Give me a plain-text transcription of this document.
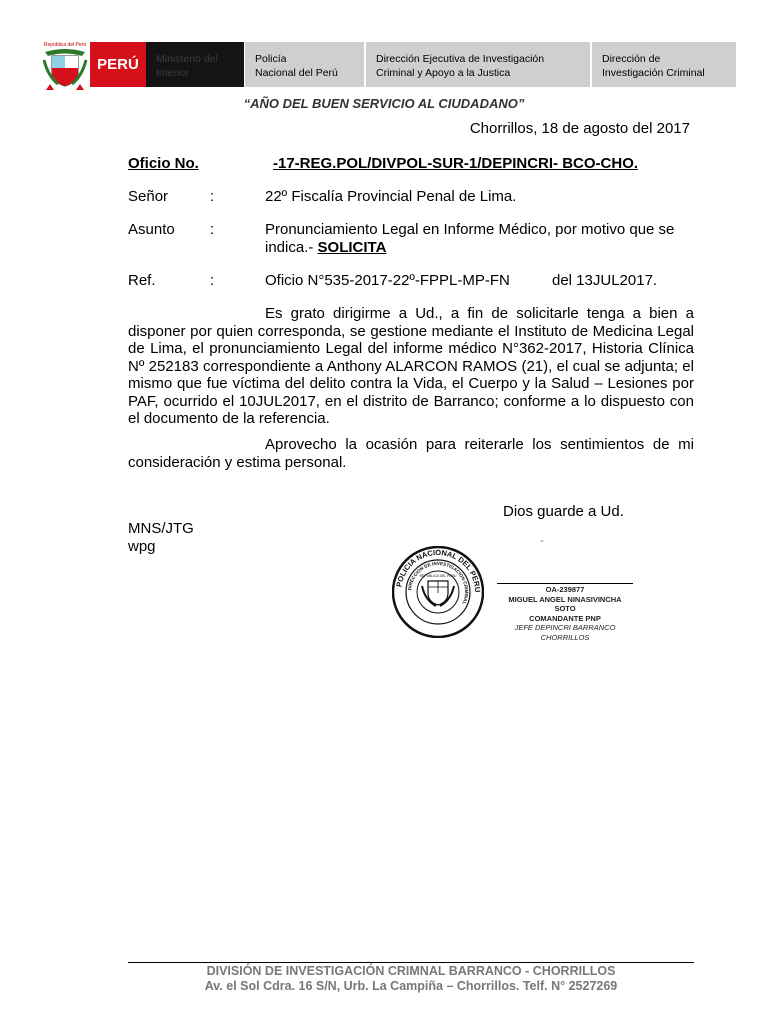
República del Perú
PERÚ	Ministerio del
Interior
Policía
Nacional del Perú
Dirección Ejecutiva de Investigación
Criminal y Apoyo a la Justica
Dirección de
Investigación Criminal
“AÑO DEL BUEN SERVICIO AL CIUDADANO”
Chorrillos, 18 de agosto del 2017
Oficio No.	-17-REG.POL/DIVPOL-SUR-1/DEPINCRI- BCO-CHO.
Señor	:	22º Fiscalía Provincial Penal de Lima.
Asunto :	Pronunciamiento Legal en Informe Médico, por motivo que se indica.- SOLICITA
Ref.	:	Oficio N°535-2017-22º-FPPL-MP-FN	del 13JUL2017.
Es grato dirigirme a Ud., a fin de solicitarle tenga a bien a disponer por quien corresponda, se gestione mediante el Instituto de Medicina Legal de Lima, el pronunciamiento Legal del informe médico N°362-2017, Historia Clínica Nº 252183 correspondiente a Anthony ALARCON RAMOS (21), el cual se adjunta; el mismo que fue víctima del delito contra la Vida, el Cuerpo y la Salud – Lesiones por PAF, ocurrido el 10JUL2017, en el distrito de Barranco; conforme a lo dispuesto con el documento de la referencia.
Aprovecho la ocasión para reiterarle los sentimientos de mi consideración y estima personal.
Dios guarde a Ud.
MNS/JTG
wpg	-
POLICIA NACIONAL DEL PERU
DIRECCION DE INVESTIGACION CRIMINAL
REPUBLICA DEL PERU
OA-239877
MIGUEL ANGEL NINASIVINCHA SOTO
COMANDANTE PNP
JEFE DEPINCRI BARRANCO CHORRILLOS
DIVISIÓN DE INVESTIGACIÓN CRIMNAL BARRANCO - CHORRILLOS
Av. el Sol Cdra. 16 S/N, Urb. La Campiña – Chorrillos. Telf. N° 2527269
